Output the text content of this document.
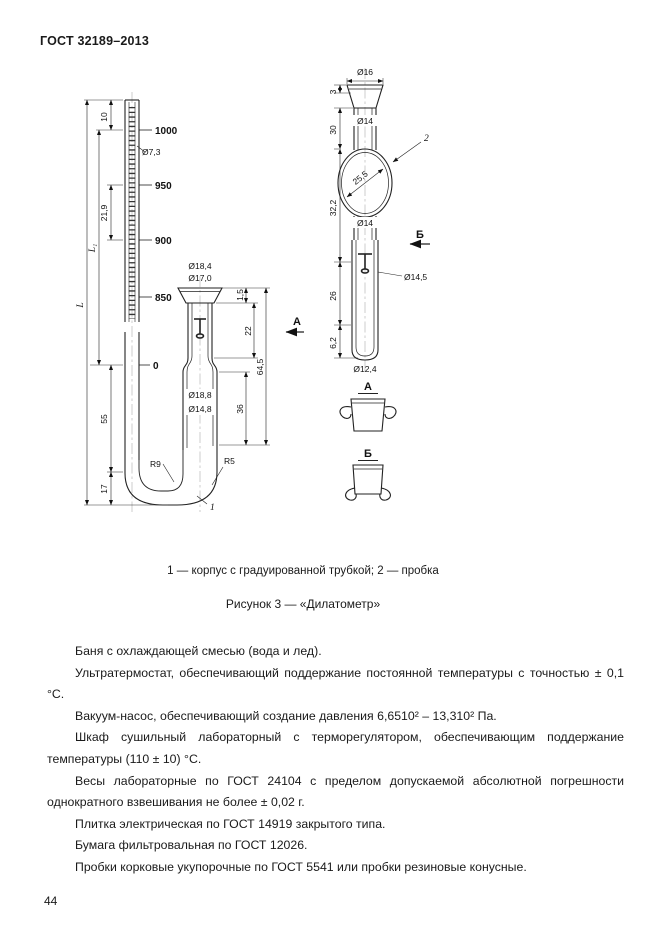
ГОСТ 32189–2013
10
21,9
L₁
L
55
17
Ø7,3
1000
950
900
850
0
Ø18,4
Ø17,0
1,5
22
36
64,5
Ø18,8
Ø14,8
R9	R5
1
А
Ø16
3
30
Ø14
2
25,5
32,2
Ø14
Б
Ø14,5
26
6,2
Ø12,4
А
Б
1 — корпус с градуированной трубкой; 2 — пробка
Рисунок 3 — «Дилатометр»

Баня с охлаждающей смесью (вода и лед).

Ультратермостат, обеспечивающий поддержание постоянной температуры с точностью ± 0,1 °С.

Вакуум-насос, обеспечивающий создание давления 6,6510² – 13,310² Па.

Шкаф сушильный лабораторный с терморегулятором, обеспечивающим поддержание температуры (110 ± 10) °С.

Весы лабораторные по ГОСТ 24104 с пределом допускаемой абсолютной погрешности однократного взвешивания не более ± 0,02 г.

Плитка электрическая по ГОСТ 14919 закрытого типа.

Бумага фильтровальная по ГОСТ 12026.

Пробки корковые укупорочные по ГОСТ 5541 или пробки резиновые конусные.

44
